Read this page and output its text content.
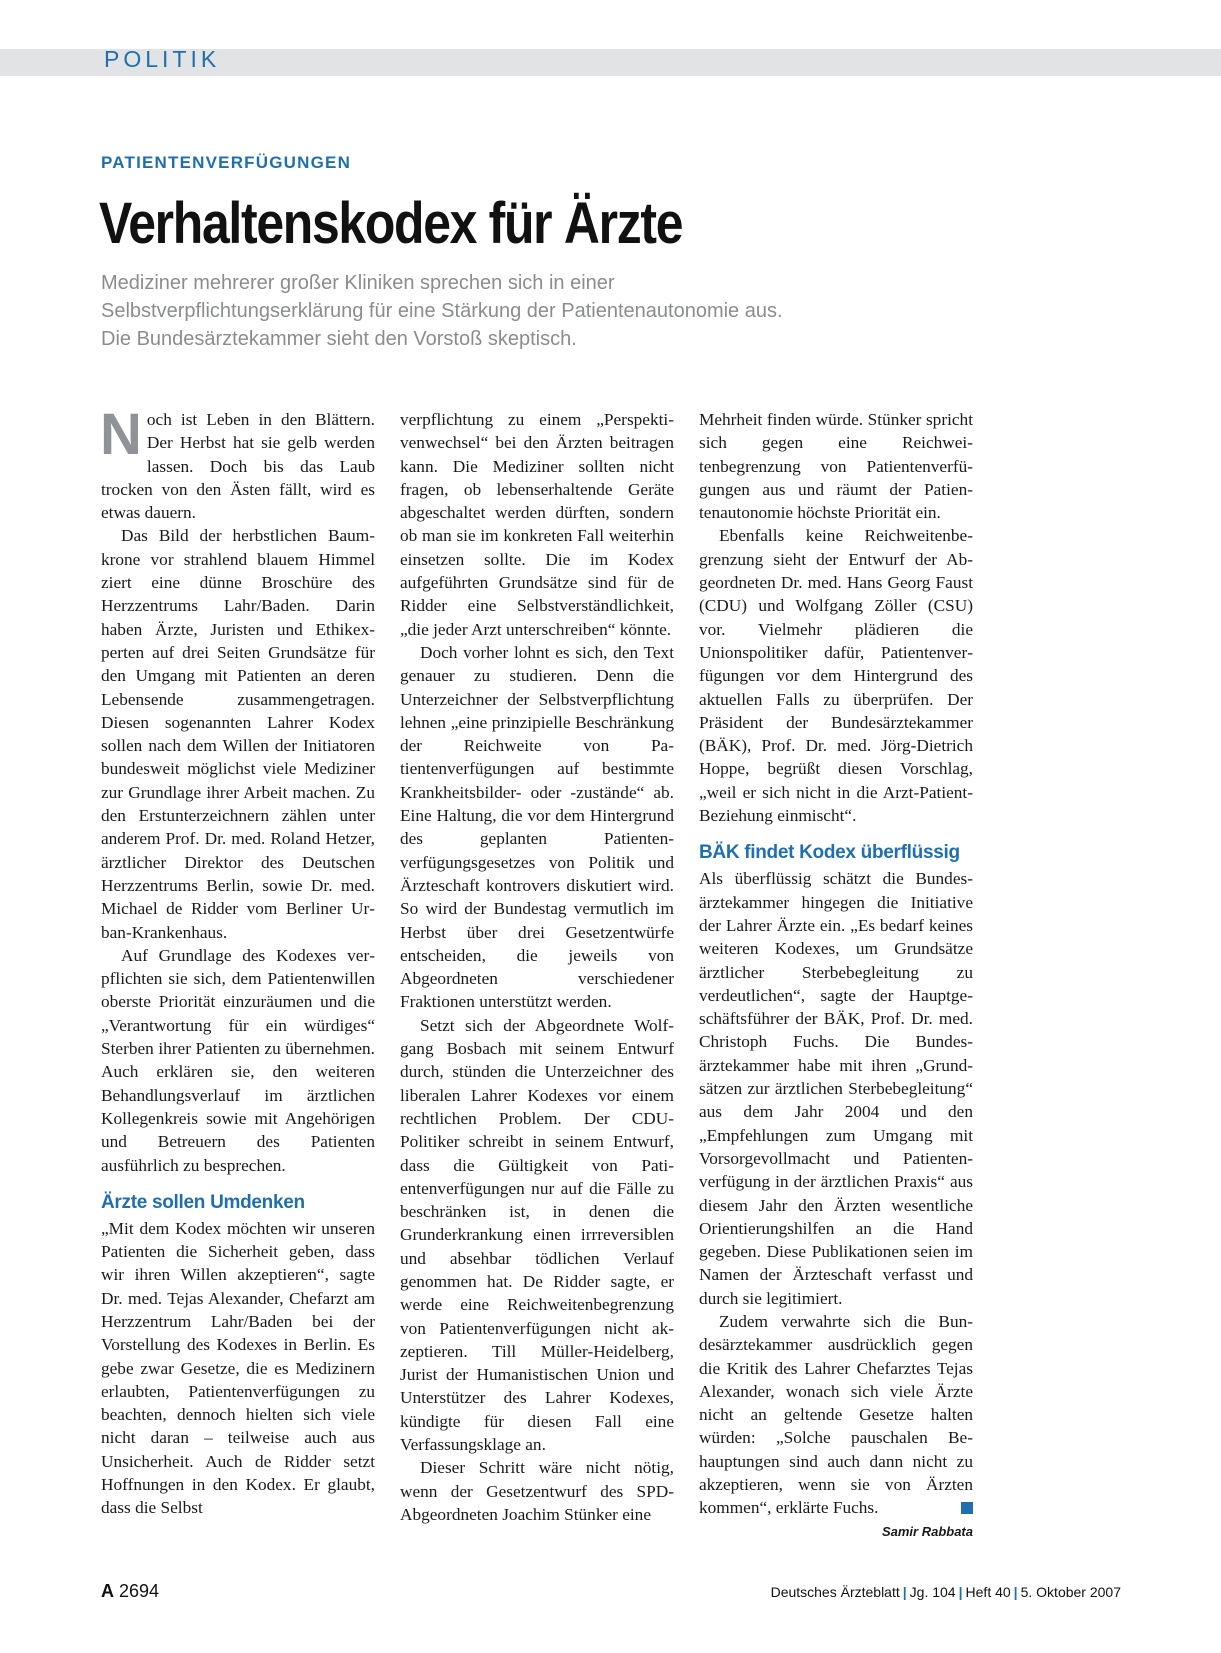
POLITIK
PATIENTENVERFÜGUNGEN
Verhaltenskodex für Ärzte
Mediziner mehrerer großer Kliniken sprechen sich in einer
Selbstverpflichtungserklärung für eine Stärkung der Patientenautonomie aus.
Die Bundesärztekammer sieht den Vorstoß skeptisch.

Noch ist Leben in den Blättern. Der Herbst hat sie gelb werden lassen. Doch bis das Laub trocken von den Ästen fällt, wird es etwas dauern.

Das Bild der herbstlichen Baumkrone vor strahlend blauem Himmel ziert eine dünne Broschüre des Herzzentrums Lahr/Baden. Darin haben Ärzte, Juristen und Ethikexperten auf drei Seiten Grundsätze für den Umgang mit Patienten an deren Lebensende zusammengetragen. Diesen sogenannten Lahrer Kodex sollen nach dem Willen der Initiatoren bundesweit möglichst viele Mediziner zur Grundlage ihrer Arbeit machen. Zu den Erstunterzeichnern zählen unter anderem Prof. Dr. med. Roland Hetzer, ärztlicher Direktor des Deutschen Herzzentrums Berlin, sowie Dr. med. Michael de Ridder vom Berliner Urban-Krankenhaus.

Auf Grundlage des Kodexes verpflichten sie sich, dem Patientenwillen oberste Priorität einzuräumen und die „Verantwortung für ein würdiges“ Sterben ihrer Patienten zu übernehmen. Auch erklären sie, den weiteren Behandlungsverlauf im ärztlichen Kollegenkreis sowie mit Angehörigen und Betreuern des Patienten ausführlich zu besprechen.

Ärzte sollen Umdenken

„Mit dem Kodex möchten wir unseren Patienten die Sicherheit geben, dass wir ihren Willen akzeptieren“, sagte Dr. med. Tejas Alexander, Chefarzt am Herzzentrum Lahr/Baden bei der Vorstellung des Kodexes in Berlin. Es gebe zwar Gesetze, die es Medizinern erlaubten, Patientenverfügungen zu beachten, dennoch hielten sich viele nicht daran – teilweise auch aus Unsicherheit. Auch de Ridder setzt Hoffnungen in den Kodex. Er glaubt, dass die Selbst

verpflichtung zu einem „Perspektivenwechsel“ bei den Ärzten beitragen kann. Die Mediziner sollten nicht fragen, ob lebenserhaltende Geräte abgeschaltet werden dürften, sondern ob man sie im konkreten Fall weiterhin einsetzen sollte. Die im Kodex aufgeführten Grundsätze sind für de Ridder eine Selbstverständlichkeit, „die jeder Arzt unterschreiben“ könnte.

Doch vorher lohnt es sich, den Text genauer zu studieren. Denn die Unterzeichner der Selbstverpflichtung lehnen „eine prinzipielle Beschränkung der Reichweite von Patientenverfügungen auf bestimmte Krankheitsbilder- oder -zustände“ ab. Eine Haltung, die vor dem Hintergrund des geplanten Patientenverfügungsgesetzes von Politik und Ärzteschaft kontrovers diskutiert wird. So wird der Bundestag vermutlich im Herbst über drei Gesetzentwürfe entscheiden, die jeweils von Abgeordneten verschiedener Fraktionen unterstützt werden.

Setzt sich der Abgeordnete Wolfgang Bosbach mit seinem Entwurf durch, stünden die Unterzeichner des liberalen Lahrer Kodexes vor einem rechtlichen Problem. Der CDU-Politiker schreibt in seinem Entwurf, dass die Gültigkeit von Patientenverfügungen nur auf die Fälle zu beschränken ist, in denen die Grunderkrankung einen irrreversiblen und absehbar tödlichen Verlauf genommen hat. De Ridder sagte, er werde eine Reichweitenbegrenzung von Patientenverfügungen nicht akzeptieren. Till Müller-Heidelberg, Jurist der Humanistischen Union und Unterstützer des Lahrer Kodexes, kündigte für diesen Fall eine Verfassungsklage an.

Dieser Schritt wäre nicht nötig, wenn der Gesetzentwurf des SPD-Abgeordneten Joachim Stünker eine

Mehrheit finden würde. Stünker spricht sich gegen eine Reichweitenbegrenzung von Patientenverfügungen aus und räumt der Patientenautonomie höchste Priorität ein.

Ebenfalls keine Reichweitenbegrenzung sieht der Entwurf der Abgeordneten Dr. med. Hans Georg Faust (CDU) und Wolfgang Zöller (CSU) vor. Vielmehr plädieren die Unionspolitiker dafür, Patientenverfügungen vor dem Hintergrund des aktuellen Falls zu überprüfen. Der Präsident der Bundesärztekammer (BÄK), Prof. Dr. med. Jörg-Dietrich Hoppe, begrüßt diesen Vorschlag, „weil er sich nicht in die Arzt-Patient-Beziehung einmischt“.

BÄK findet Kodex überflüssig

Als überflüssig schätzt die Bundesärztekammer hingegen die Initiative der Lahrer Ärzte ein. „Es bedarf keines weiteren Kodexes, um Grundsätze ärztlicher Sterbebegleitung zu verdeutlichen“, sagte der Hauptgeschäftsführer der BÄK, Prof. Dr. med. Christoph Fuchs. Die Bundesärztekammer habe mit ihren „Grundsätzen zur ärztlichen Sterbebegleitung“ aus dem Jahr 2004 und den „Empfehlungen zum Umgang mit Vorsorgevollmacht und Patientenverfügung in der ärztlichen Praxis“ aus diesem Jahr den Ärzten wesentliche Orientierungshilfen an die Hand gegeben. Diese Publikationen seien im Namen der Ärzteschaft verfasst und durch sie legitimiert.

Zudem verwahrte sich die Bundesärztekammer ausdrücklich gegen die Kritik des Lahrer Chefarztes Tejas Alexander, wonach sich viele Ärzte nicht an geltende Gesetze halten würden: „Solche pauschalen Behauptungen sind auch dann nicht zu akzeptieren, wenn sie von Ärzten kommen“, erklärte Fuchs.

Samir Rabbata
A 2694	Deutsches Ärzteblatt | Jg. 104 | Heft 40 | 5. Oktober 2007
